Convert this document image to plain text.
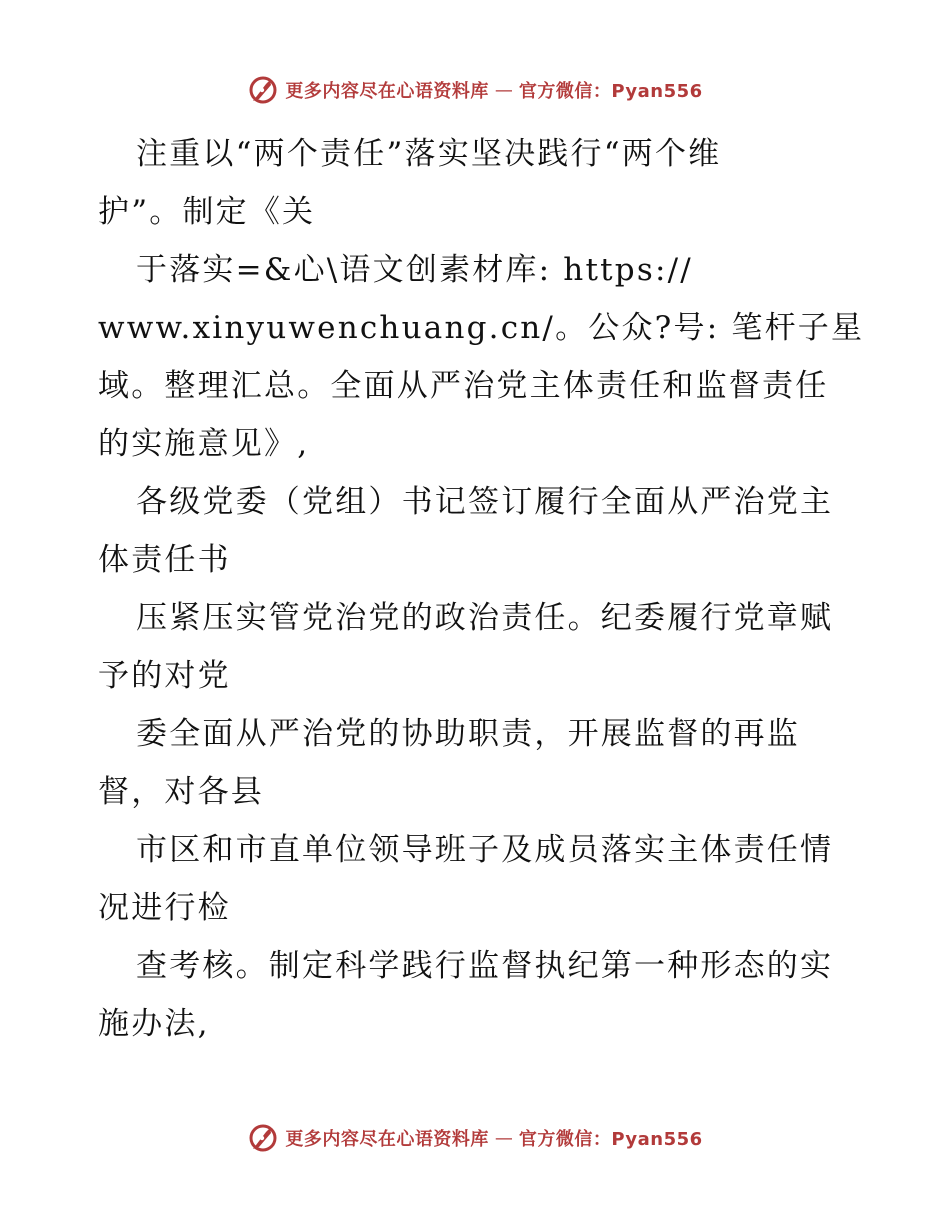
更多内容尽在心语资料库 — 官方微信：Pyan556
注重以“两个责任”落实坚决践行“两个维
护”。制定《关
于落实=&心\语文创素材库: https://
www.xinyuwenchuang.cn/。公众?号: 笔杆子星
域。整理汇总。全面从严治党主体责任和监督责任
的实施意见》,
各级党委（党组）书记签订履行全面从严治党主
体责任书
压紧压实管党治党的政治责任。纪委履行党章赋
予的对党
委全面从严治党的协助职责，开展监督的再监
督，对各县
市区和市直单位领导班子及成员落实主体责任情
况进行检
查考核。制定科学践行监督执纪第一种形态的实
施办法,
更多内容尽在心语资料库 — 官方微信：Pyan556
